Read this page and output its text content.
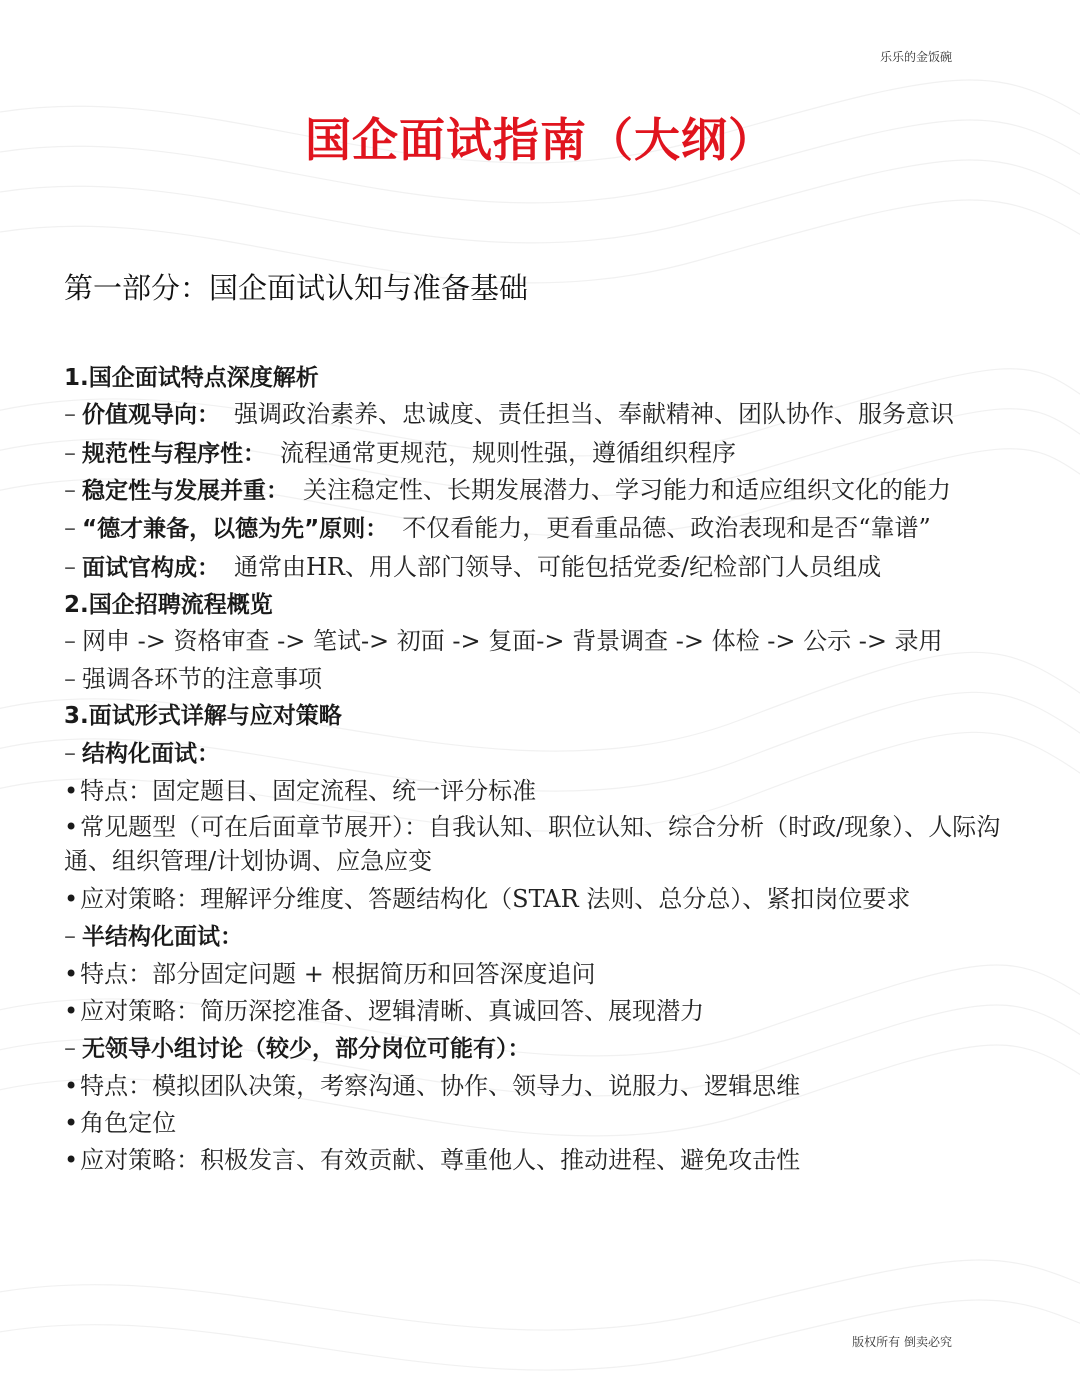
乐乐的金饭碗
国企面试指南（大纲）
第一部分：国企面试认知与准备基础
1.国企面试特点深度解析
– 价值观导向： 强调政治素养、忠诚度、责任担当、奉献精神、团队协作、服务意识
– 规范性与程序性： 流程通常更规范，规则性强，遵循组织程序
– 稳定性与发展并重： 关注稳定性、长期发展潜力、学习能力和适应组织文化的能力
– “德才兼备，以德为先”原则： 不仅看能力，更看重品德、政治表现和是否“靠谱”
– 面试官构成： 通常由HR、用人部门领导、可能包括党委/纪检部门人员组成
2.国企招聘流程概览
– 网申 -> 资格审查 -> 笔试-> 初面 -> 复面-> 背景调查 -> 体检 -> 公示 -> 录用
– 强调各环节的注意事项
3.面试形式详解与应对策略
– 结构化面试：
•特点：固定题目、固定流程、统一评分标准
•常见题型（可在后面章节展开）：自我认知、职位认知、综合分析（时政/现象）、人际沟通、组织管理/计划协调、应急应变
•应对策略：理解评分维度、答题结构化（STAR 法则、总分总）、紧扣岗位要求
– 半结构化面试：
•特点：部分固定问题 + 根据简历和回答深度追问
•应对策略：简历深挖准备、逻辑清晰、真诚回答、展现潜力
– 无领导小组讨论（较少，部分岗位可能有）：
•特点：模拟团队决策，考察沟通、协作、领导力、说服力、逻辑思维
•角色定位
•应对策略：积极发言、有效贡献、尊重他人、推动进程、避免攻击性
版权所有 倒卖必究
